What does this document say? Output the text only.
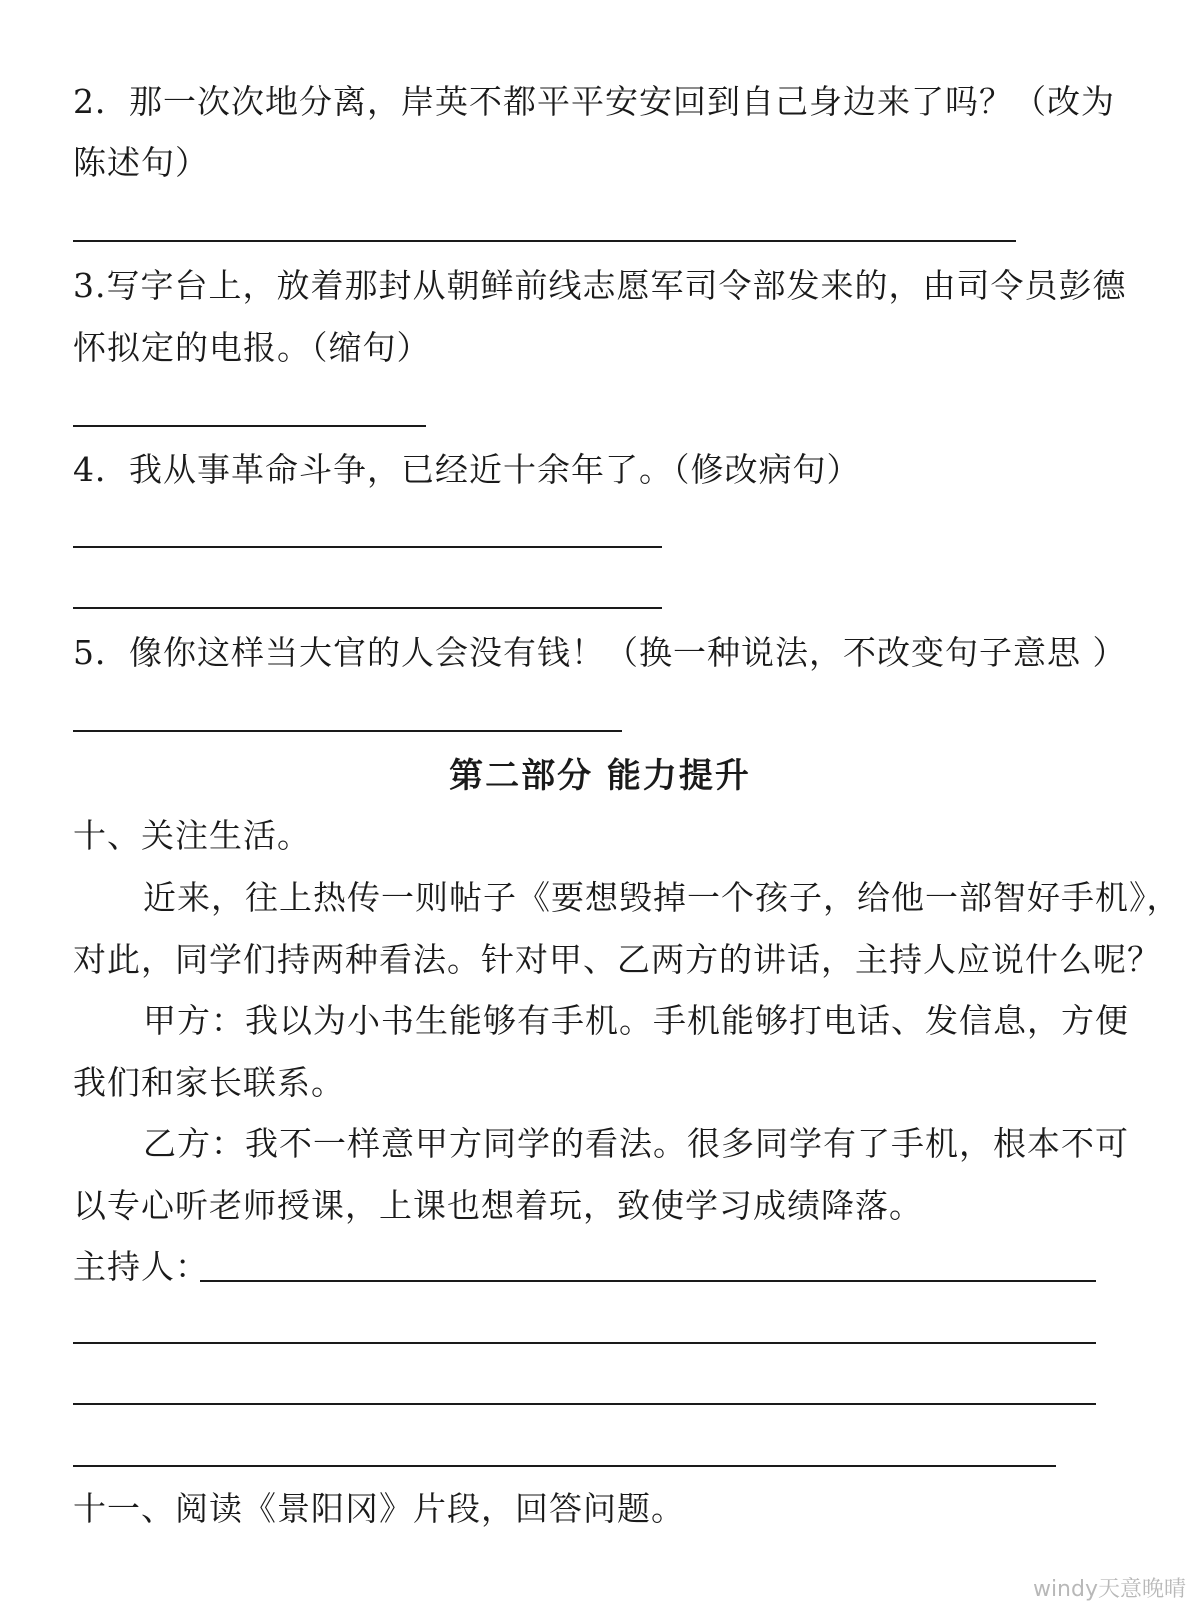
2．那一次次地分离，岸英不都平平安安回到自己身边来了吗？（改为
陈述句）
3.写字台上，放着那封从朝鲜前线志愿军司令部发来的，由司令员彭德
怀拟定的电报。（缩句）
4．我从事革命斗争，已经近十余年了。（修改病句）
5．像你这样当大官的人会没有钱！（换一种说法，不改变句子意思 ）
第二部分 能力提升
十、关注生活。
近来，往上热传一则帖子《要想毁掉一个孩子，给他一部智好手机》，
对此，同学们持两种看法。针对甲、乙两方的讲话，主持人应说什么呢？
甲方：我以为小书生能够有手机。手机能够打电话、发信息，方便
我们和家长联系。
乙方：我不一样意甲方同学的看法。很多同学有了手机，根本不可
以专心听老师授课，上课也想着玩，致使学习成绩降落。
主持人：
十一、阅读《景阳冈》片段，回答问题。
windy天意晚晴
